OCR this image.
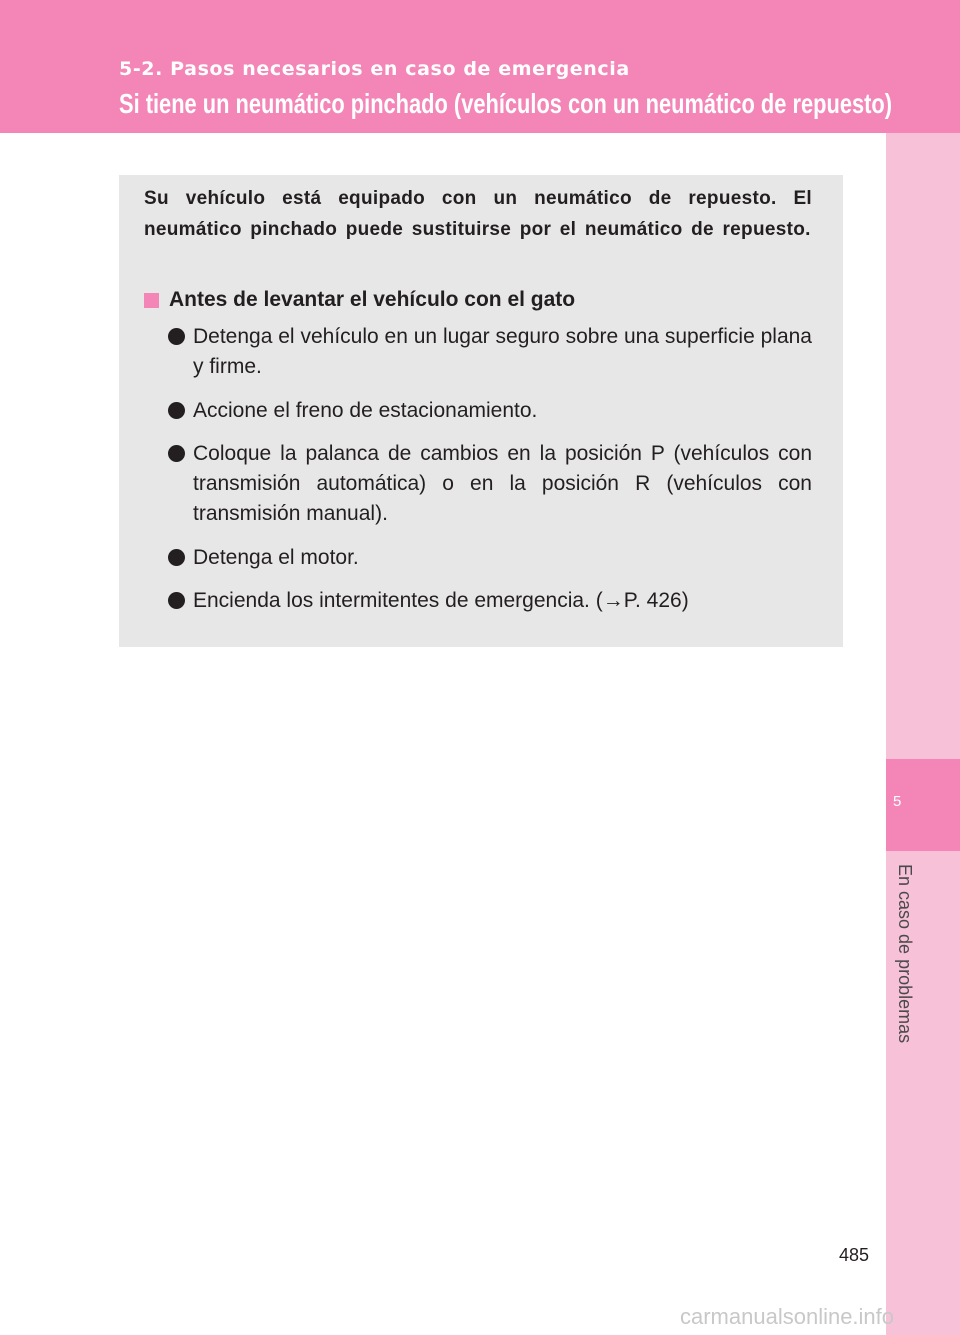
5-2. Pasos necesarios en caso de emergencia
Si tiene un neumático pinchado (vehículos con un neumático de repuesto)
5
En caso de problemas

Su vehículo está equipado con un neumático de repuesto. El neumático pinchado puede sustituirse por el neumático de repuesto.

Antes de levantar el vehículo con el gato
Detenga el vehículo en un lugar seguro sobre una superficie plana y firme.
Accione el freno de estacionamiento.
Coloque la palanca de cambios en la posición P (vehículos con transmisión automática) o en la posición R (vehículos con transmisión manual).
Detenga el motor.
Encienda los intermitentes de emergencia. (→P. 426)
485
carmanualsonline.info
